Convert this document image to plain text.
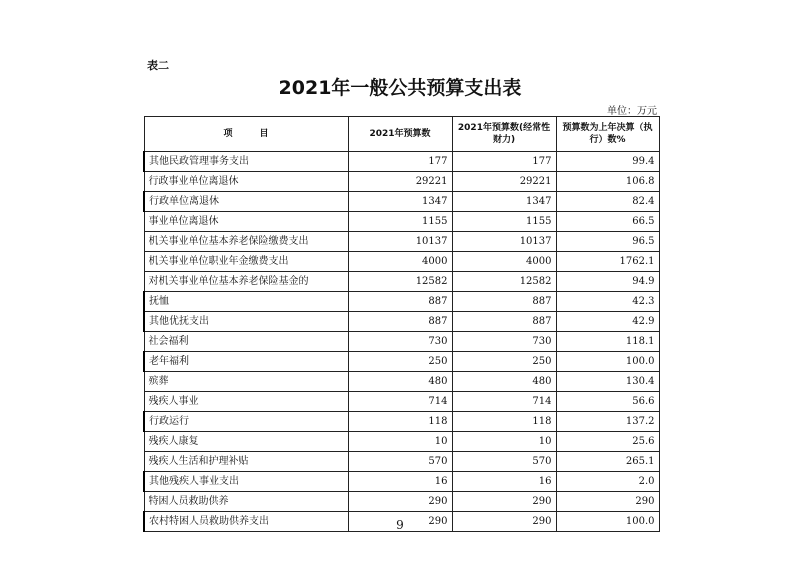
表二
2021年一般公共预算支出表
单位：万元
项　　　目	2021年预算数	2021年预算数(经常性财力)	预算数为上年决算（执行）数%
其他民政管理事务支出	177	177	99.4
行政事业单位离退休	29221	29221	106.8
行政单位离退休	1347	1347	82.4
事业单位离退休	1155	1155	66.5
机关事业单位基本养老保险缴费支出	10137	10137	96.5
机关事业单位职业年金缴费支出	4000	4000	1762.1
对机关事业单位基本养老保险基金的	12582	12582	94.9
抚恤	887	887	42.3
其他优抚支出	887	887	42.9
社会福利	730	730	118.1
老年福利	250	250	100.0
殡葬	480	480	130.4
残疾人事业	714	714	56.6
行政运行	118	118	137.2
残疾人康复	10	10	25.6
残疾人生活和护理补贴	570	570	265.1
其他残疾人事业支出	16	16	2.0
特困人员救助供养	290	290	290
农村特困人员救助供养支出	290	290	100.0
9
